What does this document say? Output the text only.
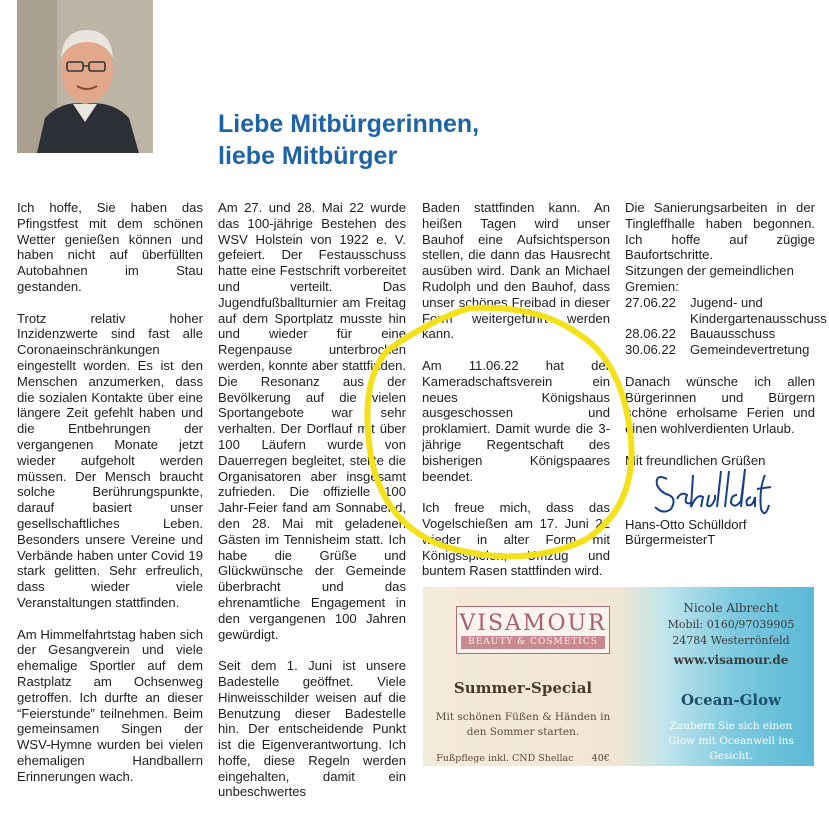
Liebe Mitbürgerinnen,
liebe Mitbürger

Ich hoffe, Sie haben das Pfingstfest mit dem schönen Wetter genießen können und haben nicht auf überfüllten Autobahnen im Stau gestanden.

Trotz relativ hoher Inzidenzwerte sind fast alle Coronaeinschränkungen eingestellt worden. Es ist den Menschen anzumerken, dass die sozialen Kontakte über eine längere Zeit gefehlt haben und die Entbehrungen der vergangenen Monate jetzt wieder aufgeholt werden müssen. Der Mensch braucht solche Berührungspunkte, darauf basiert unser gesellschaftliches Leben. Besonders unsere Vereine und Verbände haben unter Covid 19 stark gelitten. Sehr erfreulich, dass wieder viele Veranstaltungen stattfinden.

Am Himmelfahrtstag haben sich der Gesangverein und viele ehemalige Sportler auf dem Rastplatz am Ochsenweg getroffen. Ich durfte an dieser “Feierstunde” teilnehmen. Beim gemeinsamen Singen der WSV-Hymne wurden bei vielen ehemaligen Handballern Erinnerungen wach.

Am 27. und 28. Mai 22 wurde das 100-jährige Bestehen des WSV Holstein von 1922 e. V. gefeiert. Der Festausschuss hatte eine Festschrift vorbereitet und verteilt. Das Jugendfußballturnier am Freitag auf dem Sportplatz musste hin und wieder für eine Regenpause unterbrochen werden, konnte aber stattfinden. Die Resonanz aus der Bevölkerung auf die vielen Sportangebote war sehr verhalten. Der Dorflauf mit über 100 Läufern wurde von Dauerregen begleitet, stellte die Organisatoren aber insgesamt zufrieden. Die offizielle 100 Jahr-Feier fand am Sonnabend, den 28. Mai mit geladenen Gästen im Tennisheim statt. Ich habe die Grüße und Glückwünsche der Gemeinde überbracht und das ehrenamtliche Engagement in den vergangenen 100 Jahren gewürdigt.

Seit dem 1. Juni ist unsere Badestelle geöffnet. Viele Hinweisschilder weisen auf die Benutzung dieser Badestelle hin. Der entscheidende Punkt ist die Eigenverantwortung. Ich hoffe, diese Regeln werden eingehalten, damit ein unbeschwertes

Baden stattfinden kann. An heißen Tagen wird unser Bauhof eine Aufsichtsperson stellen, die dann das Hausrecht ausüben wird. Dank an Michael Rudolph und den Bauhof, dass unser schönes Freibad in dieser Form weitergeführt werden kann.

Am 11.06.22 hat der Kameradschaftsverein ein neues Königshaus ausgeschossen und proklamiert. Damit wurde die 3-jährige Regentschaft des bisherigen Königspaares beendet.

Ich freue mich, dass das Vogelschießen am 17. Juni 22 wieder in alter Form mit Königsspielen, Umzug und buntem Rasen stattfinden wird.

Die Sanierungsarbeiten in der Tingleffhalle haben begonnen. Ich hoffe auf zügige Baufortschritte.

Sitzungen der gemeindlichen Gremien:

27.06.22	Jugend- und Kindergartenausschuss
28.06.22	Bauausschuss
30.06.22	Gemeindevertretung

Danach wünsche ich allen Bürgerinnen und Bürgern schöne erholsame Ferien und einen wohlverdienten Urlaub.

Mit freundlichen Grüßen

Hans-Otto Schülldorf
BürgermeisterT
VISAMOUR
BEAUTY & COSMETICS
Summer-Special
Mit schönen Füßen & Händen in
den Sommer starten.
Fußpflege inkl. CND Shellac      40€
Nicole Albrecht
Mobil: 0160/97039905
24784 Westerrönfeld
www.visamour.de
Ocean-Glow
Zaubern Sie sich einen
Glow mit Oceanwell ins
Gesicht.
